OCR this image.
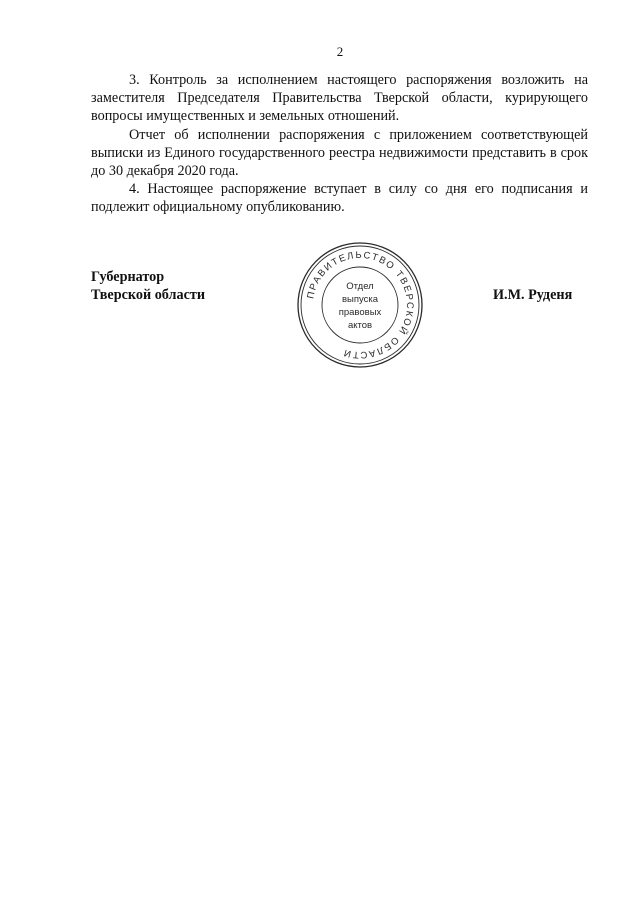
2

3. Контроль за исполнением настоящего распоряжения возложить на заместителя Председателя Правительства Тверской области, курирующего вопросы имущественных и земельных отношений.

Отчет об исполнении распоряжения с приложением соответствующей выписки из Единого государственного реестра недвижимости представить в срок до 30 декабря 2020 года.

4. Настоящее распоряжение вступает в силу со дня его подписания и подлежит официальному опубликованию.

Губернатор
Тверской области	ПРАВИТЕЛЬСТВО ТВЕРСКОЙ ОБЛАСТИ
Отдел
выпуска
правовых
актов
И.М. Руденя
